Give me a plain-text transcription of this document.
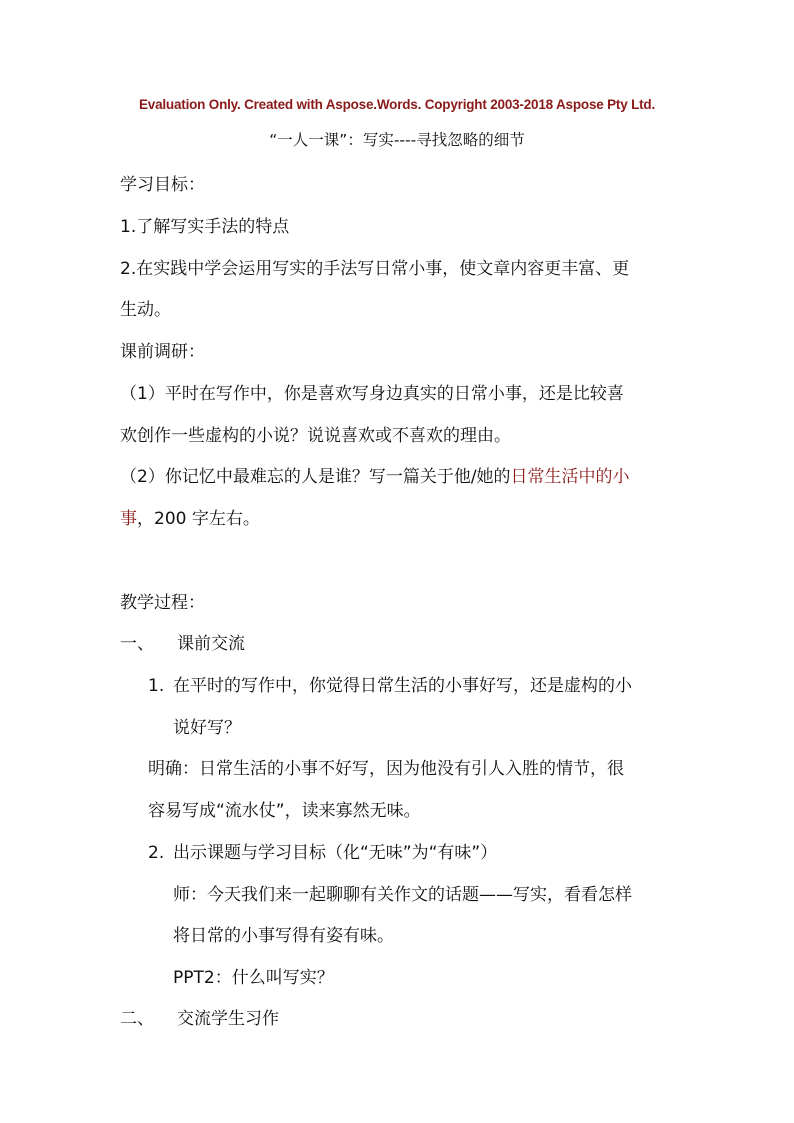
Evaluation Only. Created with Aspose.Words. Copyright 2003-2018 Aspose Pty Ltd.
“一人一课”：写实----寻找忽略的细节
学习目标：
1.了解写实手法的特点
2.在实践中学会运用写实的手法写日常小事，使文章内容更丰富、更
生动。
课前调研：
（1）平时在写作中，你是喜欢写身边真实的日常小事，还是比较喜
欢创作一些虚构的小说？说说喜欢或不喜欢的理由。
（2）你记忆中最难忘的人是谁？写一篇关于他/她的日常生活中的小
事，200 字左右。
教学过程：
一、 课前交流
1. 在平时的写作中，你觉得日常生活的小事好写，还是虚构的小
说好写？
明确：日常生活的小事不好写，因为他没有引人入胜的情节，很
容易写成“流水仗”，读来寡然无味。
2. 出示课题与学习目标（化“无味”为“有味”）
师：今天我们来一起聊聊有关作文的话题——写实，看看怎样
将日常的小事写得有姿有味。
PPT2：什么叫写实？
二、 交流学生习作
